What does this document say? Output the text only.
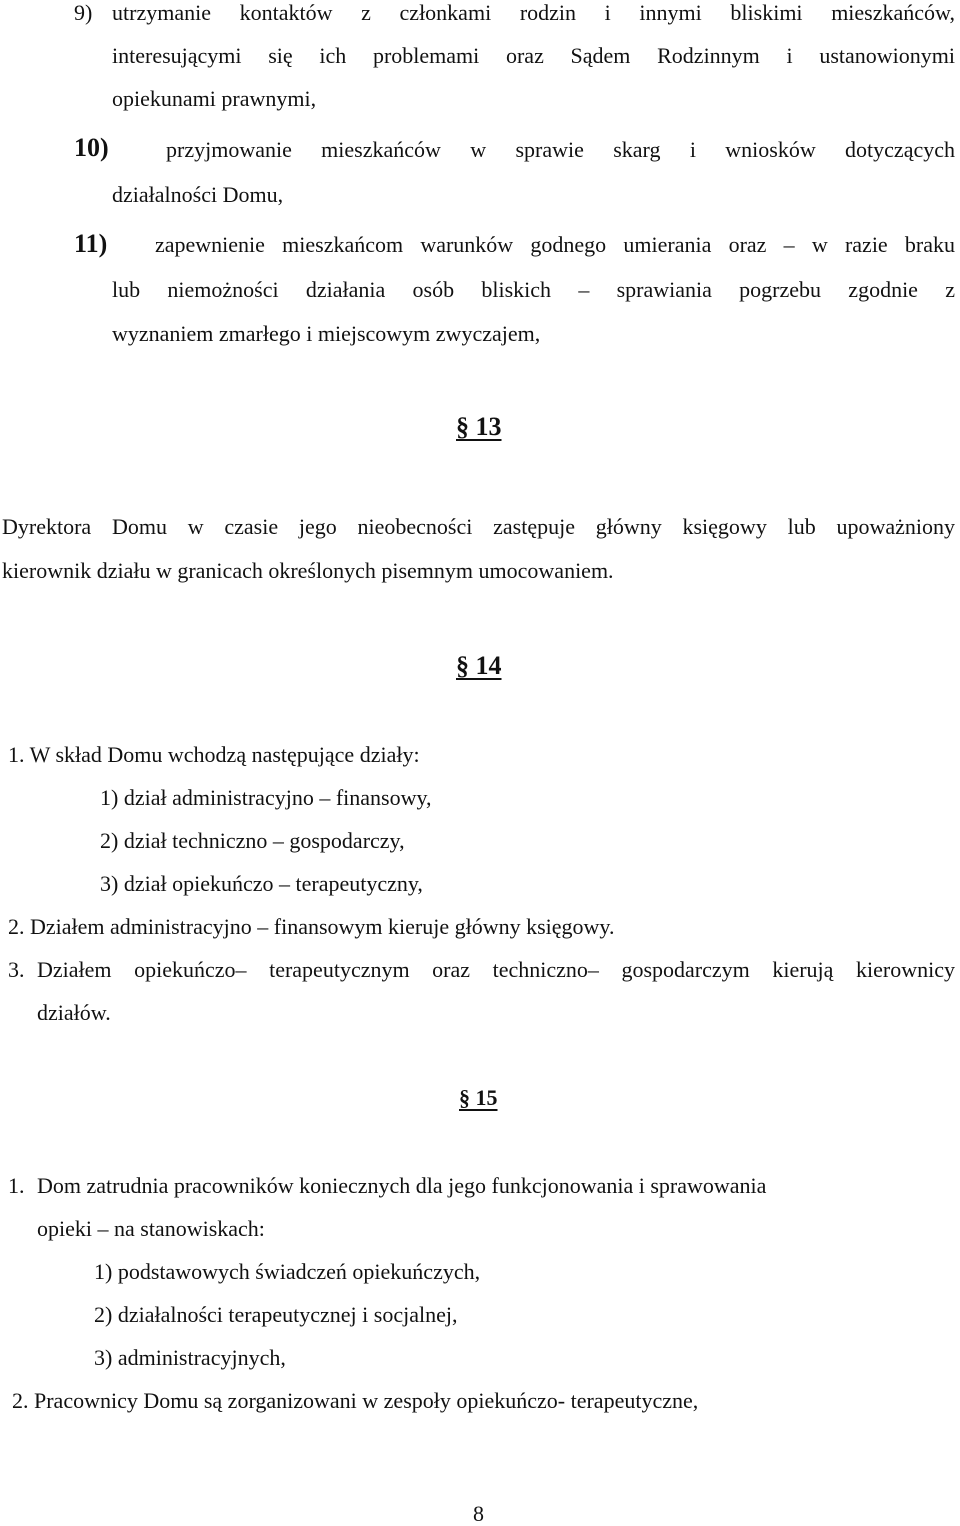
9) utrzymanie kontaktów z członkami rodzin i innymi bliskimi mieszkańców,
interesującymi się ich problemami oraz Sądem Rodzinnym i ustanowionymi
opiekunami prawnymi,
10)	przyjmowanie mieszkańców w sprawie skarg i wniosków dotyczących
działalności Domu,
11) zapewnienie mieszkańcom warunków godnego umierania oraz – w razie braku
lub niemożności działania osób bliskich – sprawiania pogrzebu zgodnie z
wyznaniem zmarłego i miejscowym zwyczajem,
§ 13
Dyrektora Domu w czasie jego nieobecności zastępuje główny księgowy lub upoważniony
kierownik działu w granicach określonych pisemnym umocowaniem.
§ 14
1. W skład Domu wchodzą następujące działy:
1) dział administracyjno – finansowy,
2) dział techniczno – gospodarczy,
3) dział opiekuńczo – terapeutyczny,
2. Działem administracyjno – finansowym kieruje główny księgowy.
3. Działem opiekuńczo– terapeutycznym oraz techniczno– gospodarczym kierują kierownicy
działów.
§ 15
1. Dom zatrudnia pracowników koniecznych dla jego funkcjonowania i sprawowania
opieki – na stanowiskach:
1) podstawowych świadczeń opiekuńczych,
2) działalności terapeutycznej i socjalnej,
3) administracyjnych,
2. Pracownicy Domu są zorganizowani w zespoły opiekuńczo- terapeutyczne,
8
